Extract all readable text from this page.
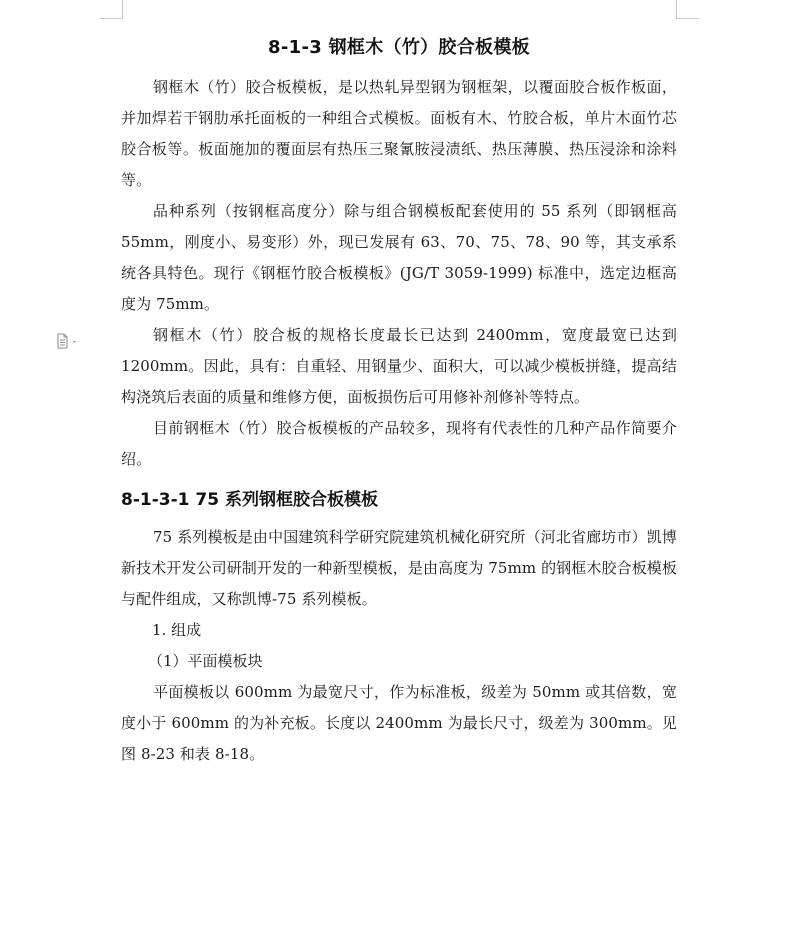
8-1-3 钢框木（竹）胶合板模板

钢框木（竹）胶合板模板，是以热轧异型钢为钢框架，以覆面胶合板作板面，并加焊若干钢肋承托面板的一种组合式模板。面板有木、竹胶合板，单片木面竹芯胶合板等。板面施加的覆面层有热压三聚氰胺浸渍纸、热压薄膜、热压浸涂和涂料等。

品种系列（按钢框高度分）除与组合钢模板配套使用的 55 系列（即钢框高 55mm，刚度小、易变形）外，现已发展有 63、70、75、78、90 等，其支承系统各具特色。现行《钢框竹胶合板模板》(JG/T 3059-1999) 标准中，选定边框高度为 75mm。

钢框木（竹）胶合板的规格长度最长已达到 2400mm，宽度最宽已达到 1200mm。因此，具有：自重轻、用钢量少、面积大，可以减少模板拼缝，提高结构浇筑后表面的质量和维修方便，面板损伤后可用修补剂修补等特点。

目前钢框木（竹）胶合板模板的产品较多，现将有代表性的几种产品作简要介绍。

8-1-3-1 75 系列钢框胶合板模板

75 系列模板是由中国建筑科学研究院建筑机械化研究所（河北省廊坊市）凯博新技术开发公司研制开发的一种新型模板，是由高度为 75mm 的钢框木胶合板模板与配件组成，又称凯博-75 系列模板。

1. 组成

（1）平面模板块

平面模板以 600mm 为最宽尺寸，作为标准板，级差为 50mm 或其倍数，宽度小于 600mm 的为补充板。长度以 2400mm 为最长尺寸，级差为 300mm。见图 8-23 和表 8-18。
